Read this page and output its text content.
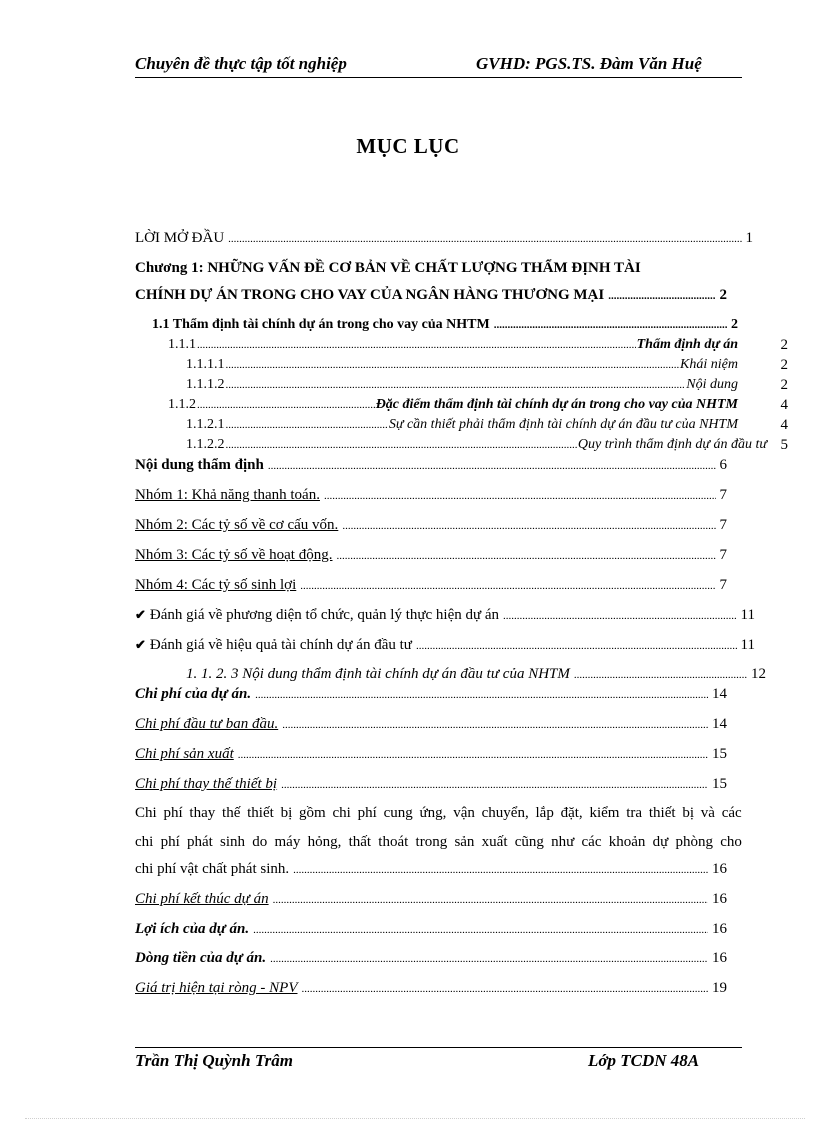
Chuyên đề thực tập tốt nghiệp	GVHD: PGS.TS. Đàm Văn Huệ
MỤC LỤC
LỜI MỞ ĐẦU .....	1
Chương 1: NHỮNG VẤN ĐỀ CƠ BẢN VỀ CHẤT LƯỢNG THẨM ĐỊNH TÀI
CHÍNH DỰ ÁN TRONG CHO VAY CỦA NGÂN HÀNG THƯƠNG MẠI .....	2
1.1 Thẩm định tài chính dự án trong cho vay của NHTM .....	2
1.1.1 .....	Thẩm định dự án	2
1.1.1.1 .....	Khái niệm	2
1.1.1.2 .....	Nội dung	2
1.1.2 .....	Đặc điểm thẩm định tài chính dự án trong cho vay của NHTM	4
1.1.2.1 .....	Sự cần thiết phải thẩm định tài chính dự án đầu tư của NHTM	4
1.1.2.2 .....	Quy trình thẩm định dự án đầu tư 5
Nội dung thẩm định .....	6
Nhóm 1: Khả năng thanh toán. .....	7
Nhóm 2: Các tỷ số về cơ cấu vốn. .....	7
Nhóm 3: Các tỷ số về hoạt động. .....	7
Nhóm 4: Các tỷ số sinh lợi .....	7
✔︎ Đánh giá về phương diện tổ chức, quản lý thực hiện dự án .....	11
✔︎ Đánh giá về hiệu quả tài chính dự án đầu tư .....	11
1. 1. 2. 3 Nội dung thẩm định tài chính dự án đầu tư của NHTM .....	12
Chi phí của dự án. .....	14
Chi phí đầu tư ban đầu. .....	14
Chi phí sản xuất .....	15
Chi phí thay thế thiết bị .....	15
Chi phí thay thế thiết bị gồm chi phí cung ứng, vận chuyển, lắp đặt, kiểm tra thiết bị và các
chi phí phát sinh do máy hỏng, thất thoát trong sản xuất cũng như các khoản dự phòng cho
chi phí vật chất phát sinh. .....	16
Chi phí kết thúc dự án .....	16
Lợi ích của dự án. .....	16
Dòng tiền của dự án. .....	16
Giá trị hiện tại ròng - NPV .....	19
Trần Thị Quỳnh Trâm	Lớp TCDN 48A
